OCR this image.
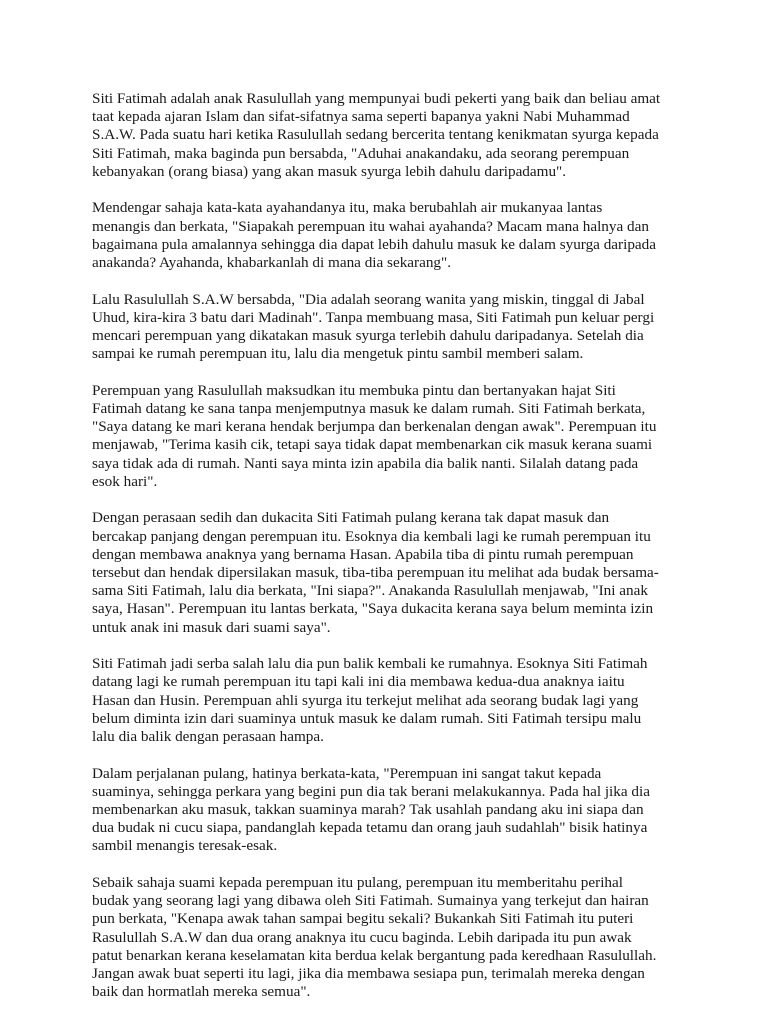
Siti Fatimah adalah anak Rasulullah yang mempunyai budi pekerti yang baik dan beliau amat
taat kepada ajaran Islam dan sifat-sifatnya sama seperti bapanya yakni Nabi Muhammad
S.A.W. Pada suatu hari ketika Rasulullah sedang bercerita tentang kenikmatan syurga kepada
Siti Fatimah, maka baginda pun bersabda, "Aduhai anakandaku, ada seorang perempuan
kebanyakan (orang biasa) yang akan masuk syurga lebih dahulu daripadamu".
Mendengar sahaja kata-kata ayahandanya itu, maka berubahlah air mukanyaa lantas
menangis dan berkata, "Siapakah perempuan itu wahai ayahanda? Macam mana halnya dan
bagaimana pula amalannya sehingga dia dapat lebih dahulu masuk ke dalam syurga daripada
anakanda? Ayahanda, khabarkanlah di mana dia sekarang".
Lalu Rasulullah S.A.W bersabda, "Dia adalah seorang wanita yang miskin, tinggal di Jabal
Uhud, kira-kira 3 batu dari Madinah". Tanpa membuang masa, Siti Fatimah pun keluar pergi
mencari perempuan yang dikatakan masuk syurga terlebih dahulu daripadanya. Setelah dia
sampai ke rumah perempuan itu, lalu dia mengetuk pintu sambil memberi salam.
Perempuan yang Rasulullah maksudkan itu membuka pintu dan bertanyakan hajat Siti
Fatimah datang ke sana tanpa menjemputnya masuk ke dalam rumah. Siti Fatimah berkata,
"Saya datang ke mari kerana hendak berjumpa dan berkenalan dengan awak". Perempuan itu
menjawab, "Terima kasih cik, tetapi saya tidak dapat membenarkan cik masuk kerana suami
saya tidak ada di rumah. Nanti saya minta izin apabila dia balik nanti. Silalah datang pada
esok hari".
Dengan perasaan sedih dan dukacita Siti Fatimah pulang kerana tak dapat masuk dan
bercakap panjang dengan perempuan itu. Esoknya dia kembali lagi ke rumah perempuan itu
dengan membawa anaknya yang bernama Hasan. Apabila tiba di pintu rumah perempuan
tersebut dan hendak dipersilakan masuk, tiba-tiba perempuan itu melihat ada budak bersama-
sama Siti Fatimah, lalu dia berkata, "Ini siapa?". Anakanda Rasulullah menjawab, "Ini anak
saya, Hasan". Perempuan itu lantas berkata, "Saya dukacita kerana saya belum meminta izin
untuk anak ini masuk dari suami saya".
Siti Fatimah jadi serba salah lalu dia pun balik kembali ke rumahnya. Esoknya Siti Fatimah
datang lagi ke rumah perempuan itu tapi kali ini dia membawa kedua-dua anaknya iaitu
Hasan dan Husin. Perempuan ahli syurga itu terkejut melihat ada seorang budak lagi yang
belum diminta izin dari suaminya untuk masuk ke dalam rumah. Siti Fatimah tersipu malu
lalu dia balik dengan perasaan hampa.
Dalam perjalanan pulang, hatinya berkata-kata, "Perempuan ini sangat takut kepada
suaminya, sehingga perkara yang begini pun dia tak berani melakukannya. Pada hal jika dia
membenarkan aku masuk, takkan suaminya marah? Tak usahlah pandang aku ini siapa dan
dua budak ni cucu siapa, pandanglah kepada tetamu dan orang jauh sudahlah" bisik hatinya
sambil menangis teresak-esak.
Sebaik sahaja suami kepada perempuan itu pulang, perempuan itu memberitahu perihal
budak yang seorang lagi yang dibawa oleh Siti Fatimah. Sumainya yang terkejut dan hairan
pun berkata, "Kenapa awak tahan sampai begitu sekali? Bukankah Siti Fatimah itu puteri
Rasulullah S.A.W dan dua orang anaknya itu cucu baginda. Lebih daripada itu pun awak
patut benarkan kerana keselamatan kita berdua kelak bergantung pada keredhaan Rasulullah.
Jangan awak buat seperti itu lagi, jika dia membawa sesiapa pun, terimalah mereka dengan
baik dan hormatlah mereka semua".
